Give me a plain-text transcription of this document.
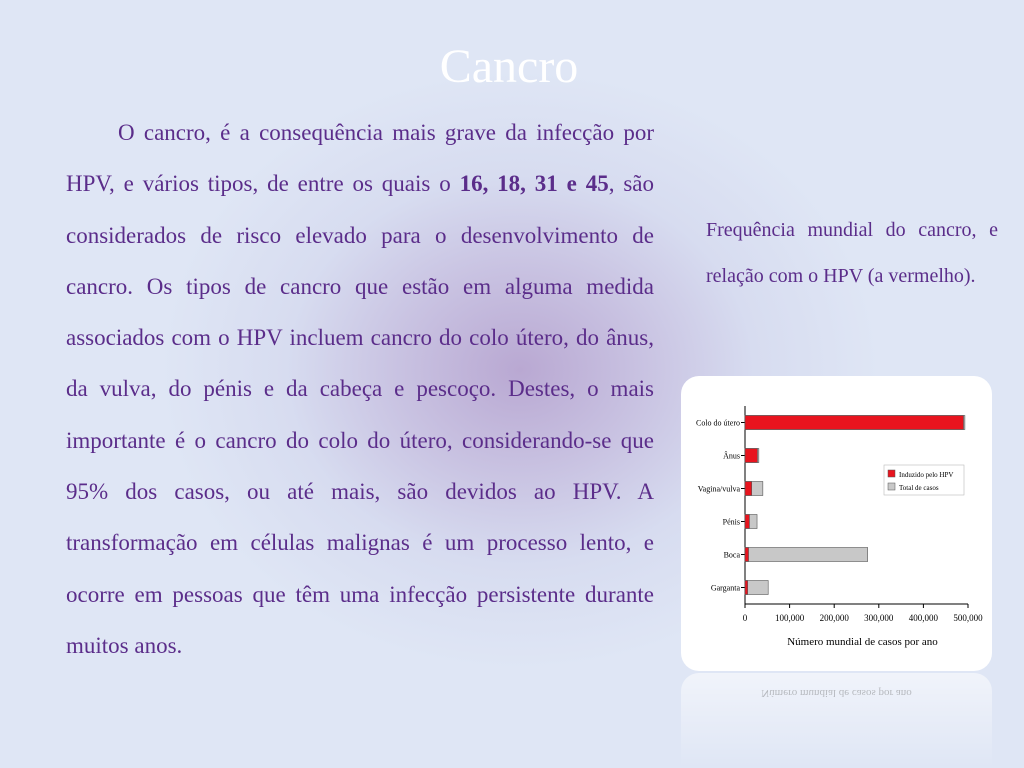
Cancro

O cancro, é a consequência mais grave da infecção por HPV, e vários tipos, de entre os quais o 16, 18, 31 e 45, são considerados de risco elevado para o desenvolvimento de cancro. Os tipos de cancro que estão em alguma medida associados com o HPV incluem cancro do colo útero, do ânus, da vulva, do pénis e da cabeça e pescoço. Destes, o mais importante é o cancro do colo do útero, considerando-se que 95% dos casos, ou até mais, são devidos ao HPV. A transformação em células malignas é um processo lento, e ocorre em pessoas que têm uma infecção persistente durante muitos anos.

Frequência mundial do cancro, e relação com o HPV (a vermelho).

0	100,000 200,000 300,000 400,000 500,000
Número mundial de casos por ano
Colo do útero
Ânus
Vagina/vulva
Pénis
Boca
Garganta
Induzido pelo HPV
Total de casos
Número mundial de casos por ano
